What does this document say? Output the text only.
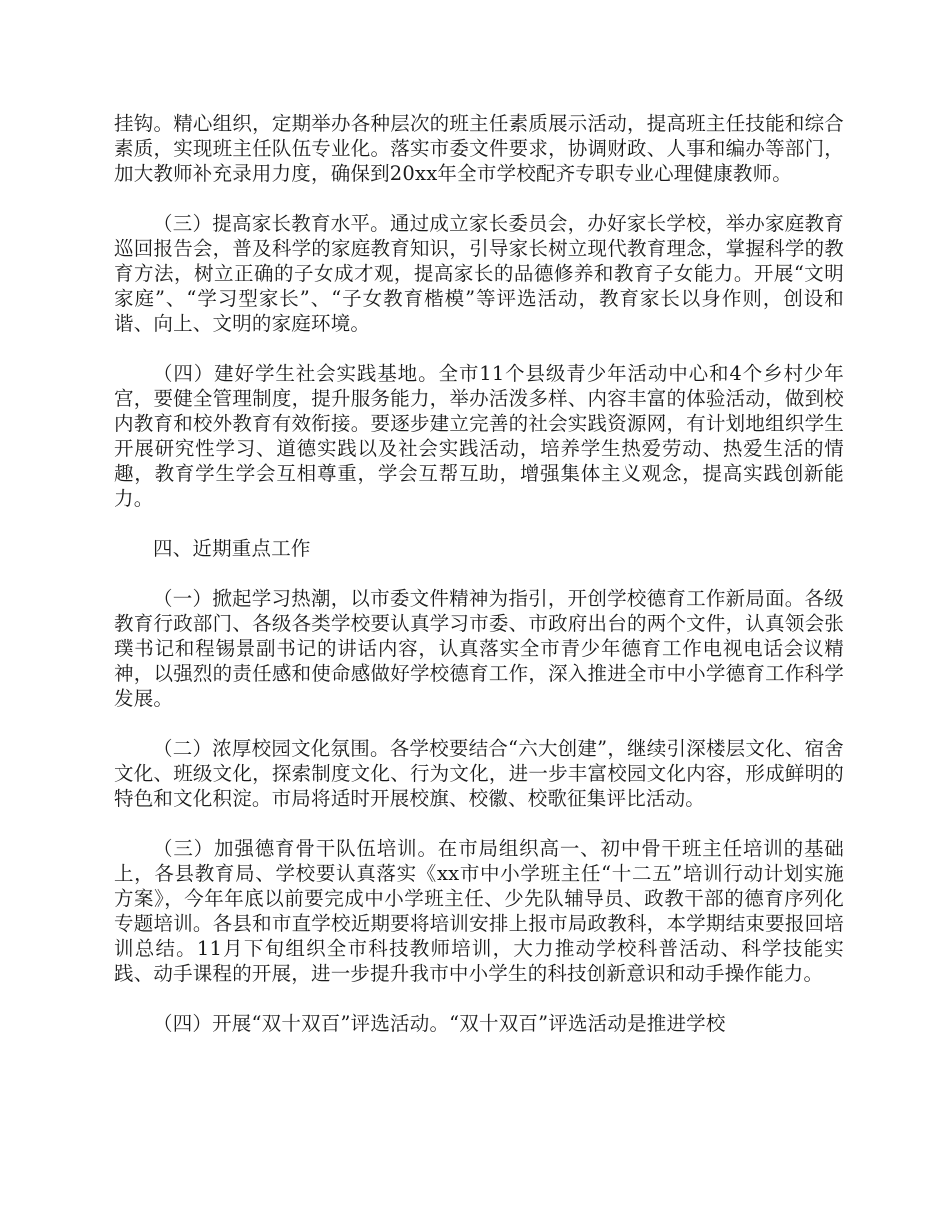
挂钩。精心组织，定期举办各种层次的班主任素质展示活动，提高班主任技能和综合素质，实现班主任队伍专业化。落实市委文件要求，协调财政、人事和编办等部门，加大教师补充录用力度，确保到20xx年全市学校配齐专职专业心理健康教师。

（三）提高家长教育水平。通过成立家长委员会，办好家长学校，举办家庭教育巡回报告会，普及科学的家庭教育知识，引导家长树立现代教育理念，掌握科学的教育方法，树立正确的子女成才观，提高家长的品德修养和教育子女能力。开展“文明家庭”、“学习型家长”、“子女教育楷模”等评选活动，教育家长以身作则，创设和谐、向上、文明的家庭环境。

（四）建好学生社会实践基地。全市11个县级青少年活动中心和4个乡村少年宫，要健全管理制度，提升服务能力，举办活泼多样、内容丰富的体验活动，做到校内教育和校外教育有效衔接。要逐步建立完善的社会实践资源网，有计划地组织学生开展研究性学习、道德实践以及社会实践活动，培养学生热爱劳动、热爱生活的情趣，教育学生学会互相尊重，学会互帮互助，增强集体主义观念，提高实践创新能力。

四、近期重点工作

（一）掀起学习热潮，以市委文件精神为指引，开创学校德育工作新局面。各级教育行政部门、各级各类学校要认真学习市委、市政府出台的两个文件，认真领会张璞书记和程锡景副书记的讲话内容，认真落实全市青少年德育工作电视电话会议精神，以强烈的责任感和使命感做好学校德育工作，深入推进全市中小学德育工作科学发展。

（二）浓厚校园文化氛围。各学校要结合“六大创建”，继续引深楼层文化、宿舍文化、班级文化，探索制度文化、行为文化，进一步丰富校园文化内容，形成鲜明的特色和文化积淀。市局将适时开展校旗、校徽、校歌征集评比活动。

（三）加强德育骨干队伍培训。在市局组织高一、初中骨干班主任培训的基础上，各县教育局、学校要认真落实《xx市中小学班主任“十二五”培训行动计划实施方案》，今年年底以前要完成中小学班主任、少先队辅导员、政教干部的德育序列化专题培训。各县和市直学校近期要将培训安排上报市局政教科，本学期结束要报回培训总结。11月下旬组织全市科技教师培训，大力推动学校科普活动、科学技能实践、动手课程的开展，进一步提升我市中小学生的科技创新意识和动手操作能力。

（四）开展“双十双百”评选活动。“双十双百”评选活动是推进学校
